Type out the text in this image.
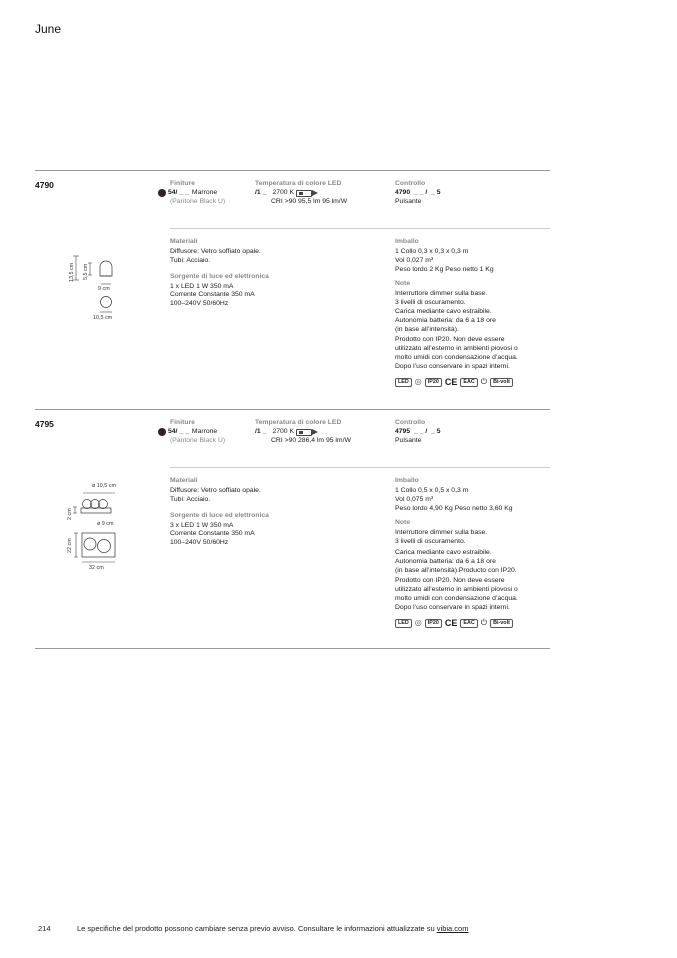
June
4790	Finiture
54/ _ _ Marrone
(Pantone Black U)
Temperatura di colore LED
/1 _ 2700 K
CRI >90 95,5 lm 95 lm/W
Controllo
4790 _ _ / _ 5
Pulsante
13,5 cm 5,5 cm
9 cm
10,5 cm
Materiali
Diffusore: Vetro soffiato opale.
Tubi: Acciaio.
Sorgente di luce ed elettronica
1 x LED 1 W 350 mA
Corrente Constante 350 mA
100–240V 50/60Hz
Imballo
1 Collo 0,3 x 0,3 x 0,3 m
Vol 0,027 m³
Peso lordo 2 Kg Peso netto 1 Kg
Note
Interruttore dimmer sulla base.
3 livelli di oscuramento.
Carica mediante cavo estraibile.
Autonomia batteria: da 6 a 18 ore
(in base all’intensità).
Prodotto con IP20. Non deve essere
utilizzato all’esterno in ambienti piovosi o
molto umidi con condensazione d’acqua.
Dopo l’uso conservare in spazi interni.
LED ◎	IP20 CE	EAC ⏻	Bi-volt
4795	Finiture
54/ _ _ Marrone
(Pantone Black U)
Temperatura di colore LED
/1 _ 2700 K
CRI >90 286,4 lm 95 lm/W
Controllo
4795 _ _ / _ 5
Pulsante
ø 10,5 cm
2 cm
ø 9 cm
22 cm
32 cm
Materiali
Diffusore: Vetro soffiato opale.
Tubi: Acciaio.
Sorgente di luce ed elettronica
3 x LED 1 W 350 mA
Corrente Constante 350 mA
100–240V 50/60Hz
Imballo
1 Collo 0,5 x 0,5 x 0,3 m
Vol 0,075 m³
Peso lordo 4,90 Kg Peso netto 3,60 Kg
Note
Interruttore dimmer sulla base.
3 livelli di oscuramento.
Carica mediante cavo estraibile.
Autonomia batteria: da 6 a 18 ore
(in base all’intensità).Producto con IP20.
Prodotto con IP20. Non deve essere
utilizzato all’esterno in ambienti piovosi o
molto umidi con condensazione d’acqua.
Dopo l’uso conservare in spazi interni.
LED ◎	IP20 CE	EAC ⏻	Bi-volt
214	Le specifiche del prodotto possono cambiare senza previo avviso. Consultare le informazioni attualizzate su vibia.com
